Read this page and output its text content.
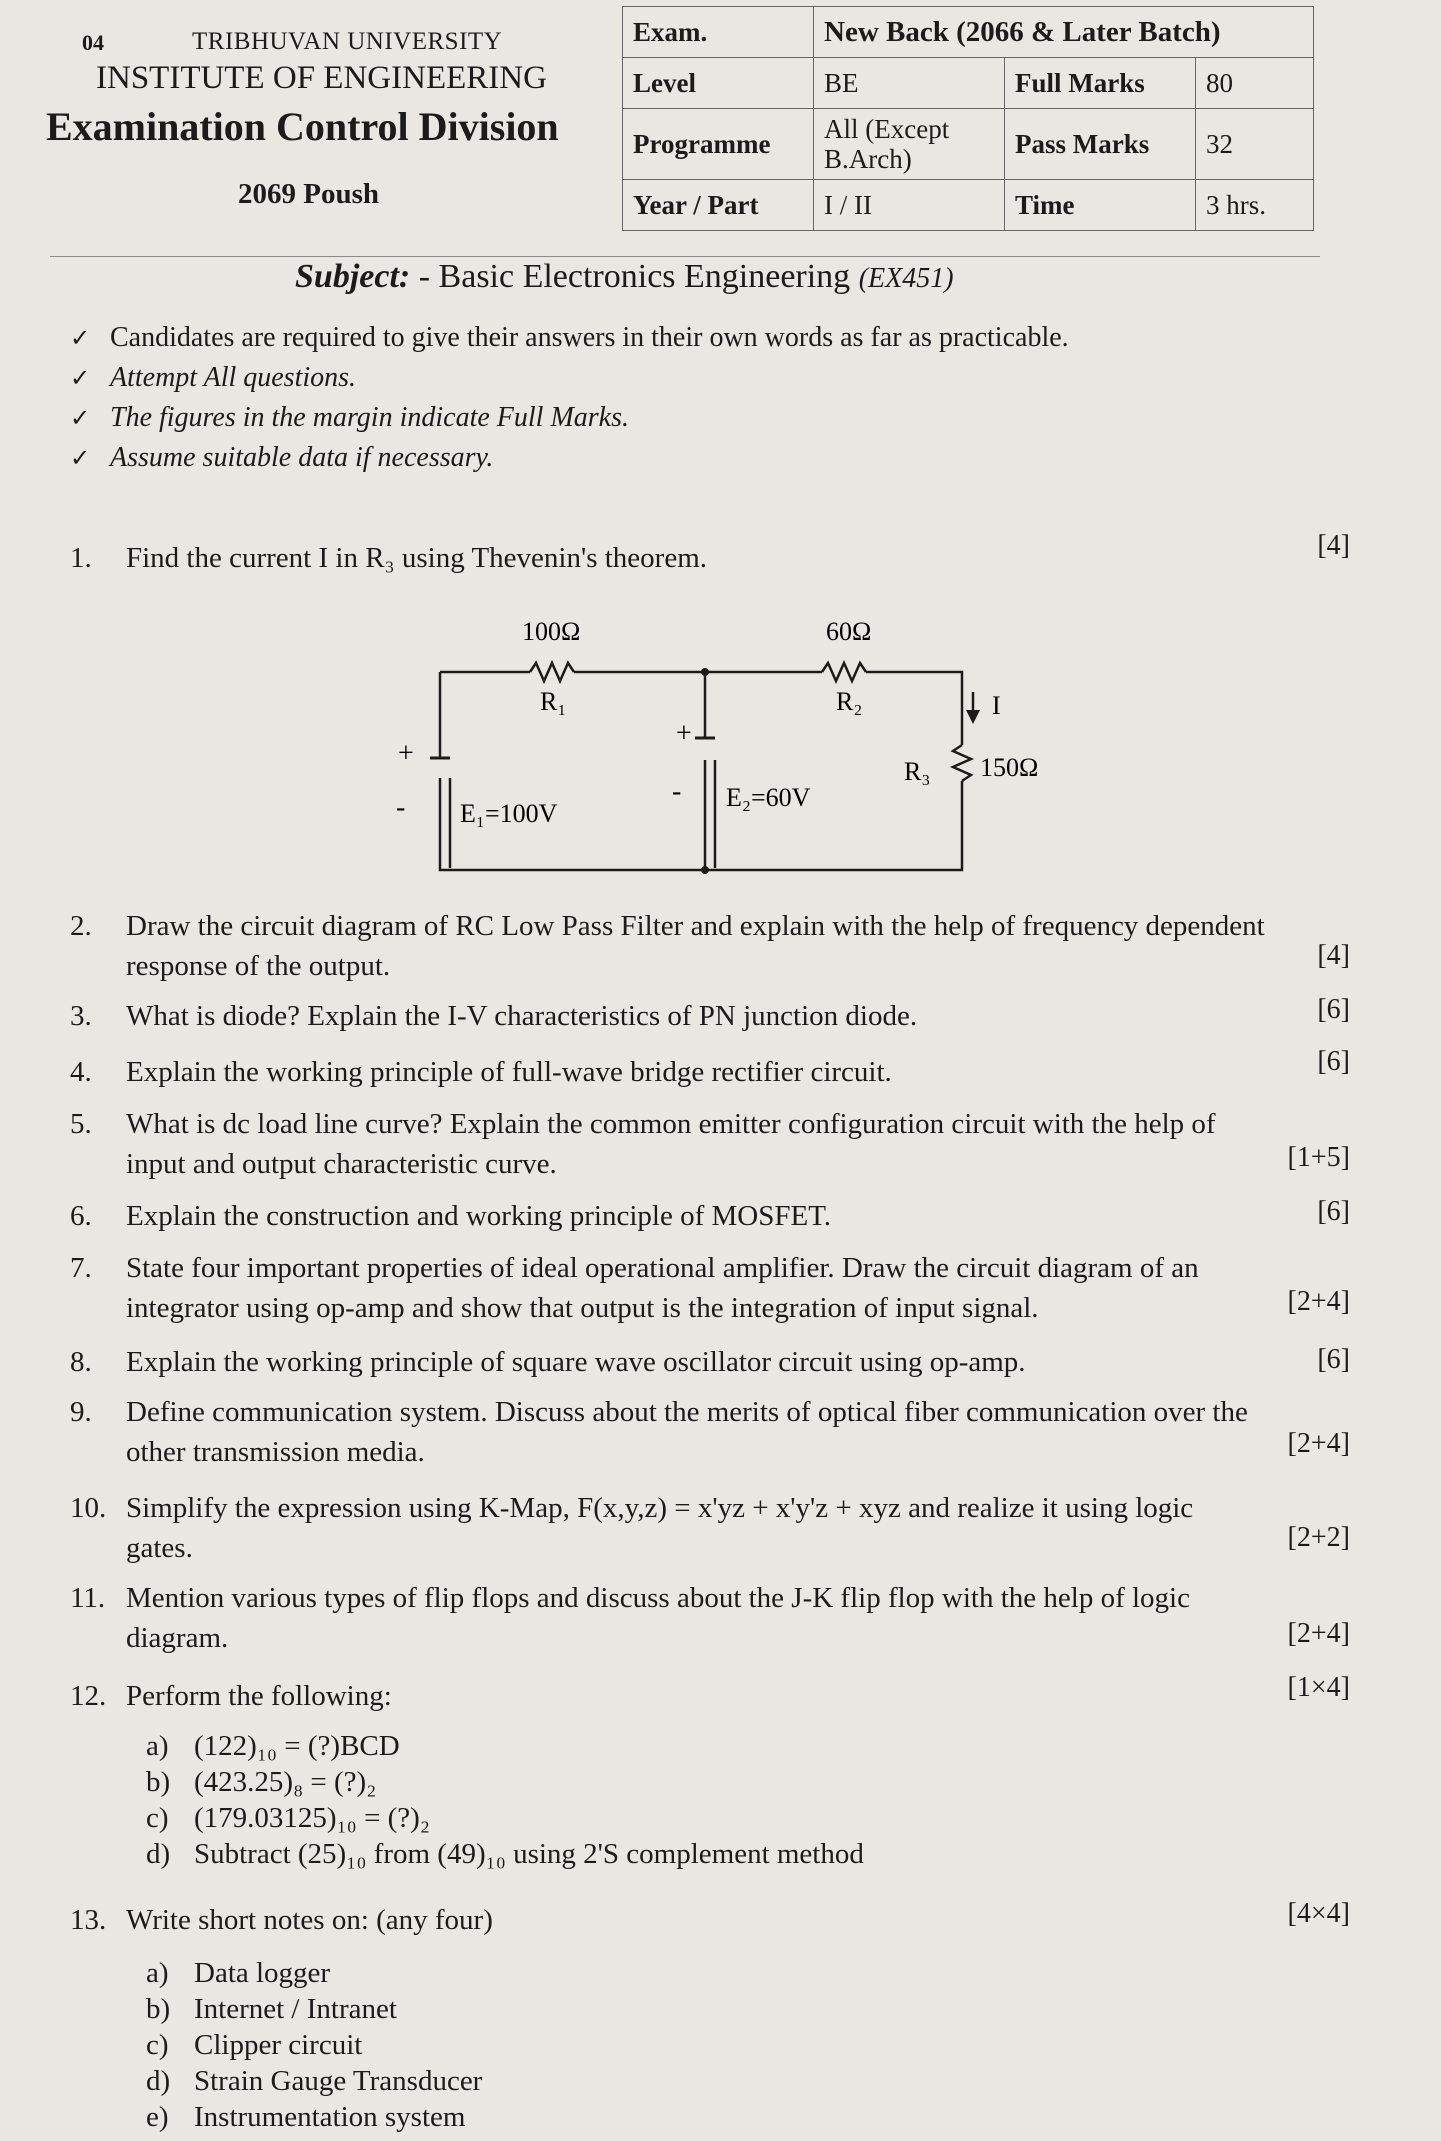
04	TRIBHUVAN UNIVERSITY
INSTITUTE OF ENGINEERING
Examination Control Division
2069 Poush
Exam.	New Back (2066 & Later Batch)		
Level	BE	Full Marks	80
Programme	All (Except B.Arch)	Pass Marks	32
Year / Part	I / II	Time	3 hrs.
Subject: - Basic Electronics Engineering (EX451)
✓ Candidates are required to give their answers in their own words as far as practicable.
✓ Attempt All questions.
✓ The figures in the margin indicate Full Marks.
✓ Assume suitable data if necessary.
1. Find the current I in R₃ using Thevenin's theorem.	[4]
100Ω
R₁
60Ω
R₂
R₃ 150Ω
E₁=100V
E₂=60V
I
+
-
+
-
2. Draw the circuit diagram of RC Low Pass Filter and explain with the help of frequency dependent response of the output.	[4]
3. What is diode? Explain the I-V characteristics of PN junction diode.	[6]
4. Explain the working principle of full-wave bridge rectifier circuit.	[6]
5. What is dc load line curve? Explain the common emitter configuration circuit with the help of input and output characteristic curve.	[1+5]
6. Explain the construction and working principle of MOSFET.	[6]
7. State four important properties of ideal operational amplifier. Draw the circuit diagram of an integrator using op-amp and show that output is the integration of input signal.	[2+4]
8. Explain the working principle of square wave oscillator circuit using op-amp.	[6]
9. Define communication system. Discuss about the merits of optical fiber communication over the other transmission media.	[2+4]
10. Simplify the expression using K-Map, F(x,y,z) = x'yz + x'y'z + xyz and realize it using logic gates.	[2+2]
11. Mention various types of flip flops and discuss about the J-K flip flop with the help of logic diagram.	[2+4]
12. Perform the following:	[1×4]
a) (122)₁₀ = (?)BCD
b) (423.25)₈ = (?)₂
c) (179.03125)₁₀ = (?)₂
d) Subtract (25)₁₀ from (49)₁₀ using 2'S complement method
13. Write short notes on: (any four)	[4×4]
a) Data logger
b) Internet / Intranet
c) Clipper circuit
d) Strain Gauge Transducer
e) Instrumentation system
